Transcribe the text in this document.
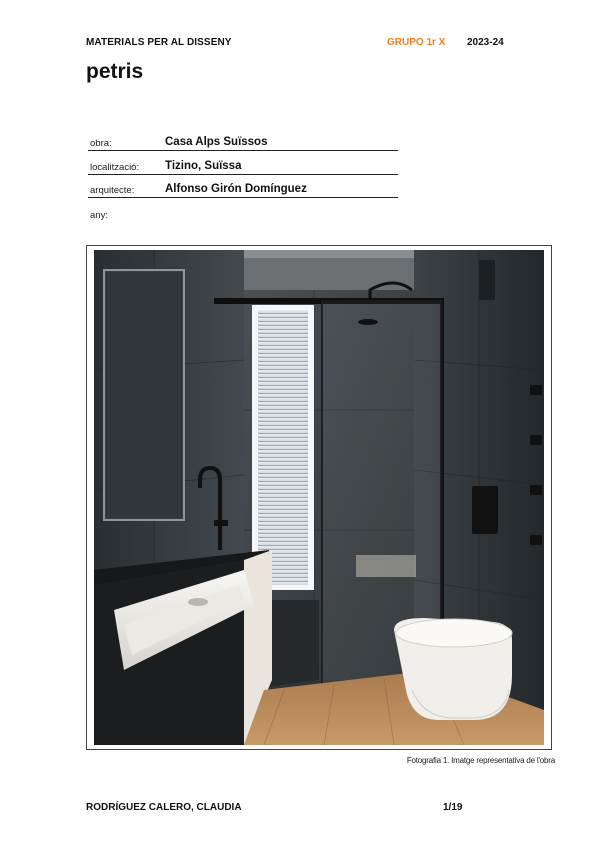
MATERIALS PER AL DISSENY	GRUPO 1r X 2023-24
petris
obra:	Casa Alps Suïssos
localització: Tizino, Suïssa
arquitecte:	Alfonso Girón Domínguez
any:
Fotografia 1. Imatge representativa de l'obra
RODRÍGUEZ CALERO, CLAUDIA	1/19
